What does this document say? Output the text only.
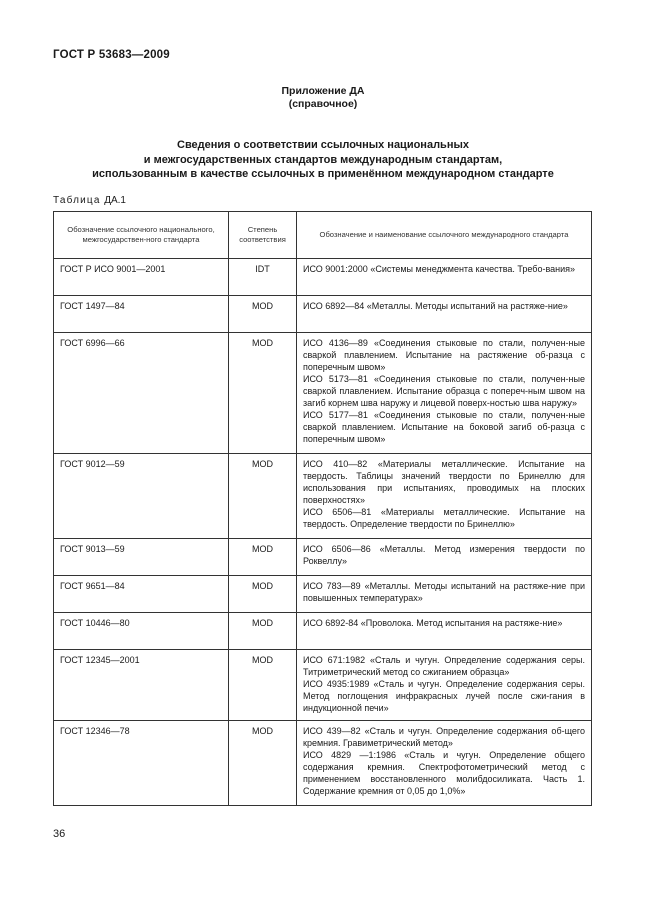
ГОСТ Р 53683—2009
Приложение ДА
(справочное)
Сведения о соответствии ссылочных национальных
и межгосударственных стандартов международным стандартам,
использованным в качестве ссылочных в применённом международном стандарте
Таблица ДА.1
Обозначение ссылочного национального, межгосударствен-ного стандарта	Степень соответствия	Обозначение и наименование ссылочного международного стандарта
ГОСТ Р ИСО 9001—2001	IDT	ИСО 9001:2000 «Системы менеджмента качества. Требо-вания»
ГОСТ 1497—84	MOD	ИСО 6892—84 «Металлы. Методы испытаний на растяже-ние»
ГОСТ 6996—66	MOD	ИСО 4136—89 «Соединения стыковые по стали, получен-ные сваркой плавлением. Испытание на растяжение об-разца с поперечным швом»
ИСО 5173—81 «Соединения стыковые по стали, получен-ные сваркой плавлением. Испытание образца с попереч-ным швом на загиб корнем шва наружу и лицевой поверх-ностью шва наружу»
ИСО 5177—81 «Соединения стыковые по стали, получен-ные сваркой плавлением. Испытание на боковой загиб об-разца с поперечным швом»
ГОСТ 9012—59	MOD	ИСО 410—82 «Материалы металлические. Испытание на твердость. Таблицы значений твердости по Бринеллю для использования при испытаниях, проводимых на плоских поверхностях»
ИСО 6506—81 «Материалы металлические. Испытание на твердость. Определение твердости по Бринеллю»
ГОСТ 9013—59	MOD	ИСО 6506—86 «Металлы. Метод измерения твердости по Роквеллу»
ГОСТ 9651—84	MOD	ИСО 783—89 «Металлы. Методы испытаний на растяже-ние при повышенных температурах»
ГОСТ 10446—80	MOD	ИСО 6892-84 «Проволока. Метод испытания на растяже-ние»
ГОСТ 12345—2001	MOD	ИСО 671:1982 «Сталь и чугун. Определение содержания серы. Титриметрический метод со сжиганием образца»
ИСО 4935:1989 «Сталь и чугун. Определение содержания серы. Метод поглощения инфракрасных лучей после сжи-гания в индукционной печи»
ГОСТ 12346—78	MOD	ИСО 439—82 «Сталь и чугун. Определение содержания об-щего кремния. Гравиметрический метод»
ИСО 4829 —1:1986 «Сталь и чугун. Определение общего содержания кремния. Спектрофотометрический метод с применением восстановленного молибдосиликата. Часть 1. Содержание кремния от 0,05 до 1,0%»
36
